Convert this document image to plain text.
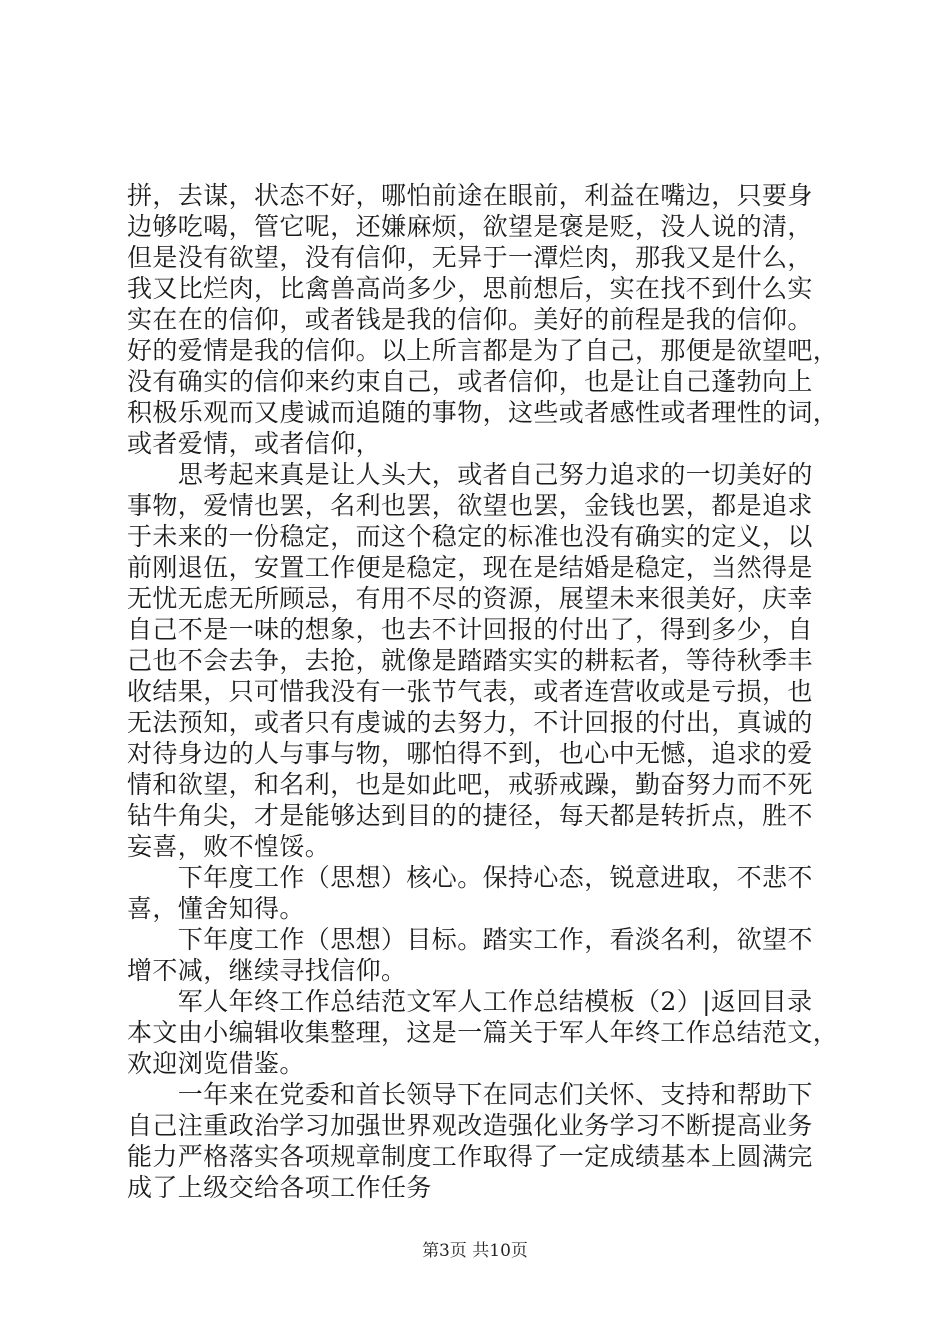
拼，去谋，状态不好，哪怕前途在眼前，利益在嘴边，只要身
边够吃喝，管它呢，还嫌麻烦，欲望是褒是贬，没人说的清，
但是没有欲望，没有信仰，无异于一潭烂肉，那我又是什么，
我又比烂肉，比禽兽高尚多少，思前想后，实在找不到什么实
实在在的信仰，或者钱是我的信仰。美好的前程是我的信仰。
好的爱情是我的信仰。以上所言都是为了自己，那便是欲望吧，
没有确实的信仰来约束自己，或者信仰，也是让自己蓬勃向上
积极乐观而又虔诚而追随的事物，这些或者感性或者理性的词，
或者爱情，或者信仰，
　　思考起来真是让人头大，或者自己努力追求的一切美好的
事物，爱情也罢，名利也罢，欲望也罢，金钱也罢，都是追求
于未来的一份稳定，而这个稳定的标准也没有确实的定义，以
前刚退伍，安置工作便是稳定，现在是结婚是稳定，当然得是
无忧无虑无所顾忌，有用不尽的资源，展望未来很美好，庆幸
自己不是一味的想象，也去不计回报的付出了，得到多少，自
己也不会去争，去抢，就像是踏踏实实的耕耘者，等待秋季丰
收结果，只可惜我没有一张节气表，或者连营收或是亏损，也
无法预知，或者只有虔诚的去努力，不计回报的付出，真诚的
对待身边的人与事与物，哪怕得不到，也心中无憾，追求的爱
情和欲望，和名利，也是如此吧，戒骄戒躁，勤奋努力而不死
钻牛角尖，才是能够达到目的的捷径，每天都是转折点，胜不
妄喜，败不惶馁。
　　下年度工作（思想）核心。保持心态，锐意进取，不悲不
喜，懂舍知得。
　　下年度工作（思想）目标。踏实工作，看淡名利，欲望不
增不减，继续寻找信仰。
　　军人年终工作总结范文军人工作总结模板（2）|返回目录
本文由小编辑收集整理，这是一篇关于军人年终工作总结范文，
欢迎浏览借鉴。
　　一年来在党委和首长领导下在同志们关怀、支持和帮助下
自己注重政治学习加强世界观改造强化业务学习不断提高业务
能力严格落实各项规章制度工作取得了一定成绩基本上圆满完
成了上级交给各项工作任务
第3页 共10页
